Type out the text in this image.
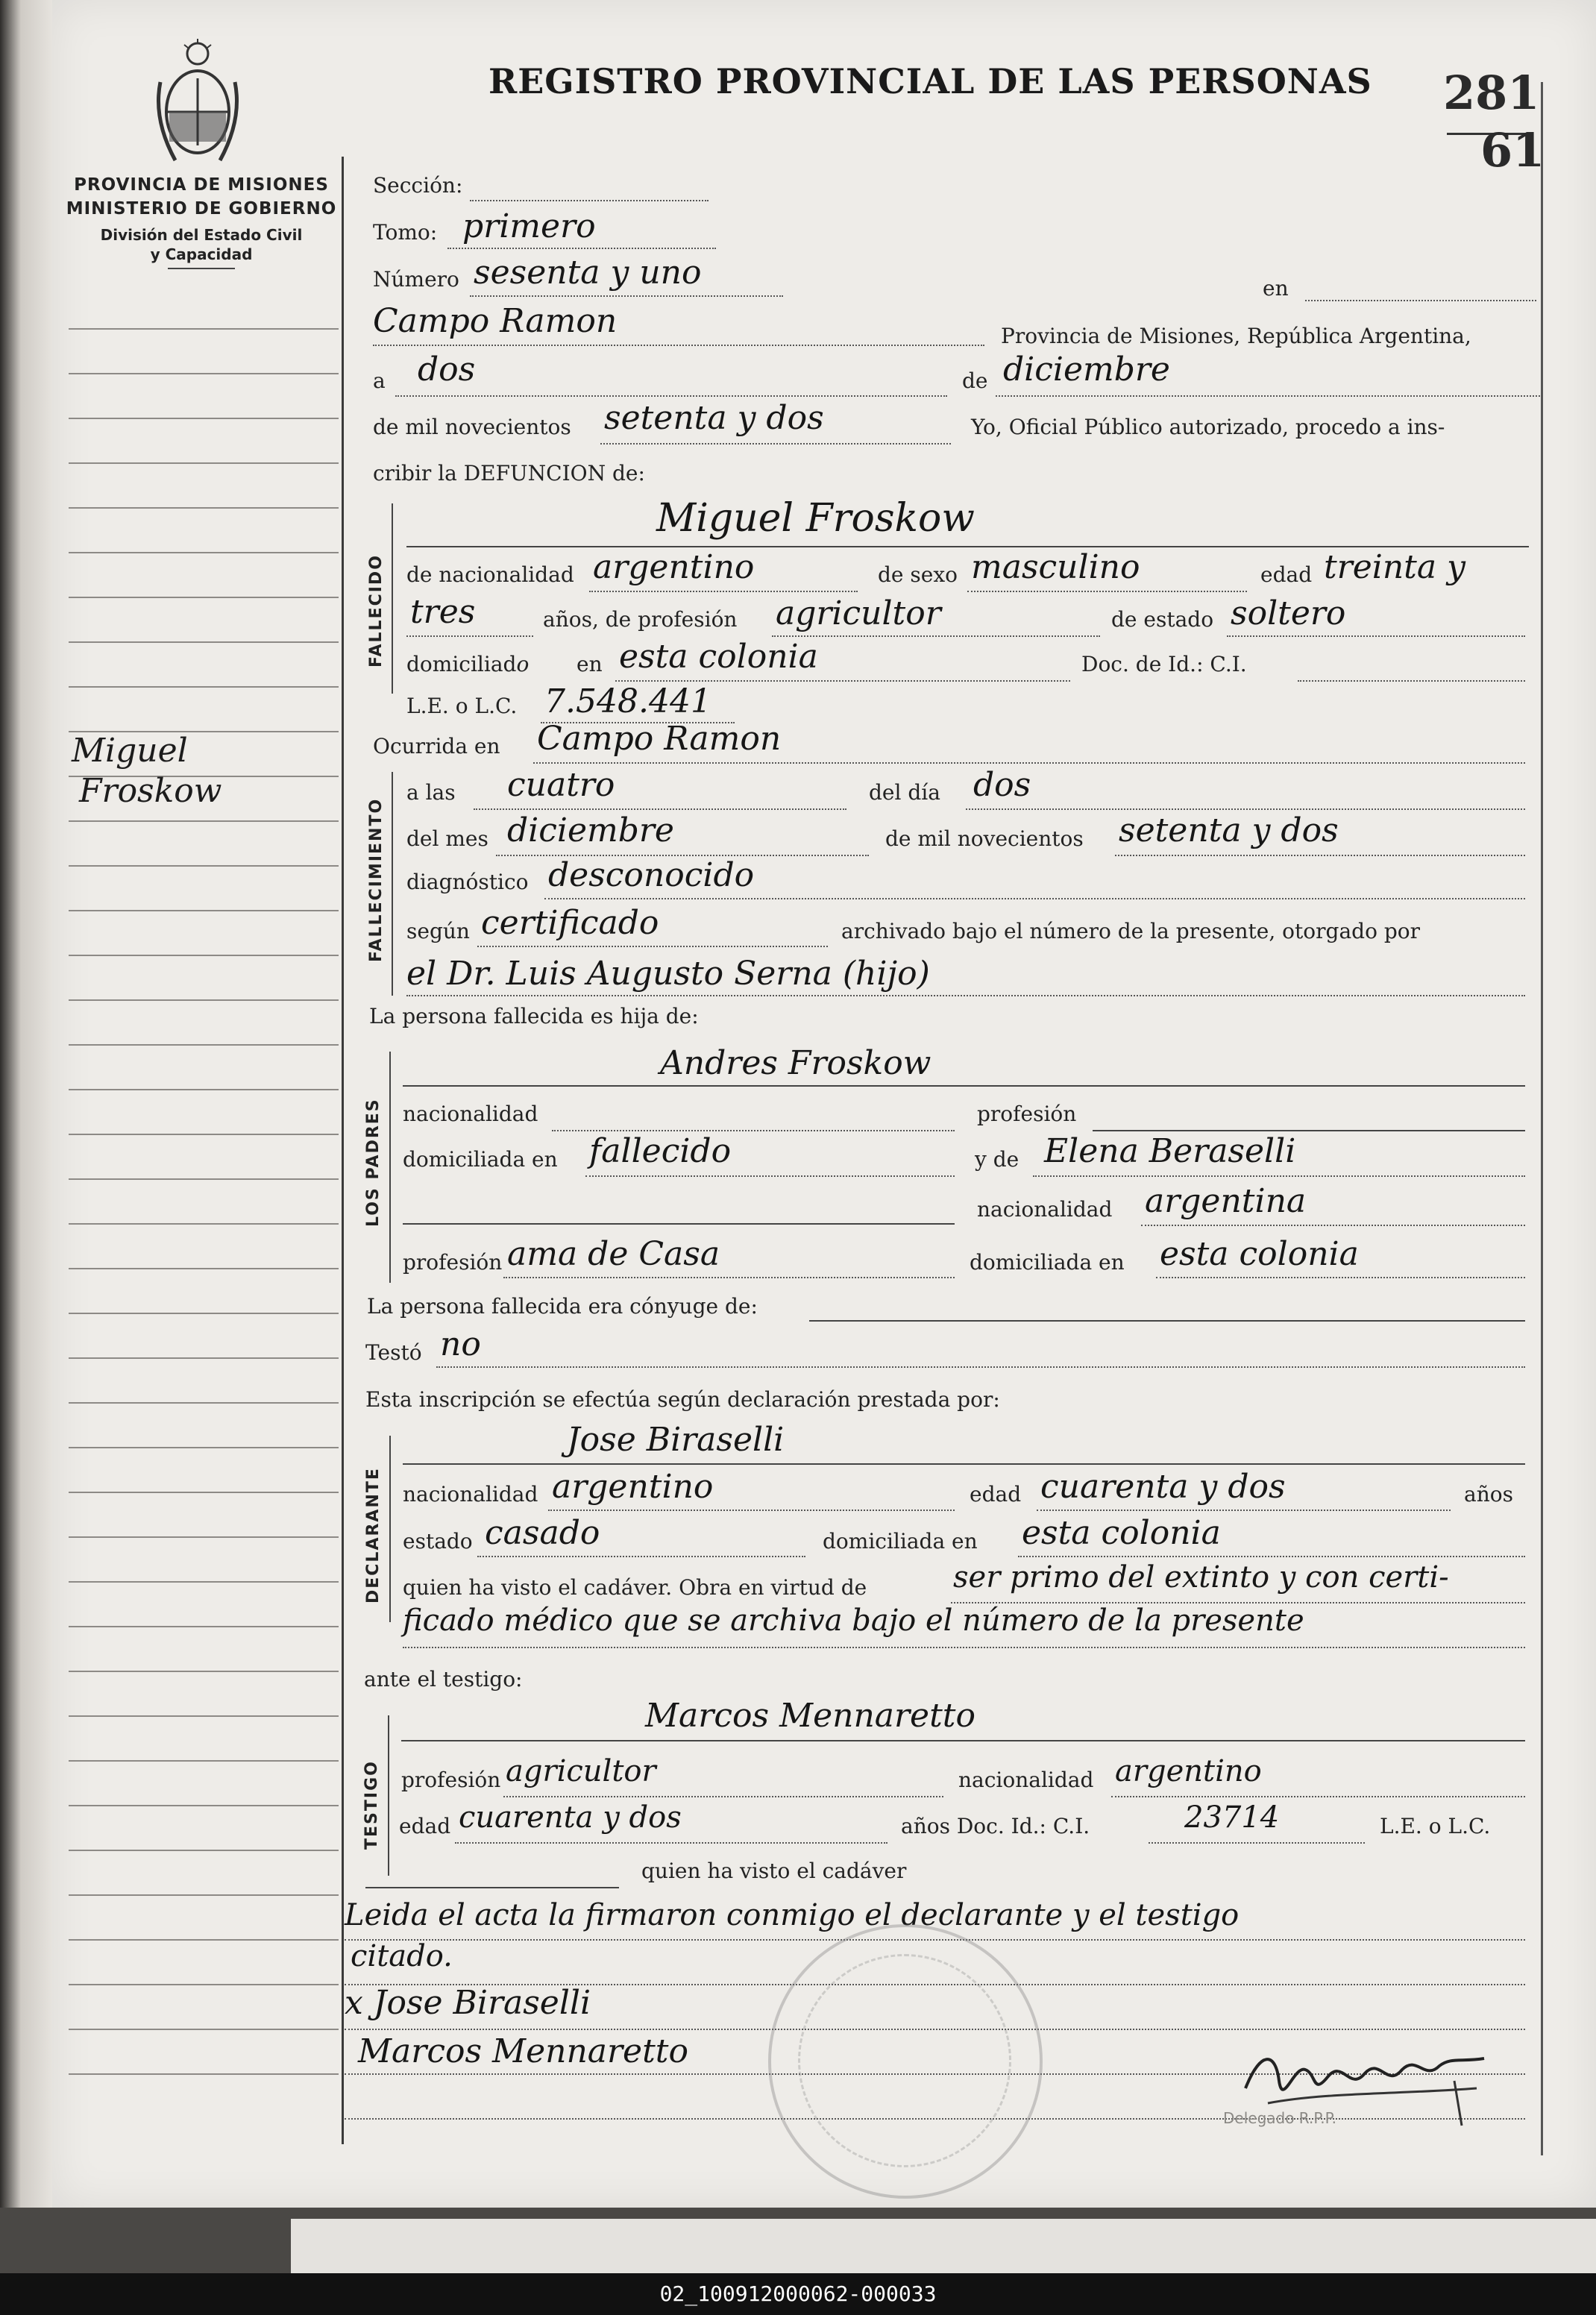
PROVINCIA DE MISIONES
MINISTERIO DE GOBIERNO
División del Estado Civil
y Capacidad
Miguel
Froskow
REGISTRO PROVINCIAL DE LAS PERSONAS 281
61
Sección:
Tomo: primero
Número sesenta y uno	en
Campo Ramon	Provincia de Misiones, República Argentina,
a dos	de diciembre
de mil novecientos setenta y dos	Yo, Oficial Público autorizado, procedo a ins-
cribir la DEFUNCION de:
FALLECIDO
Miguel Froskow
de nacionalidad argentino	de sexo masculino	edad treinta y
tres	años, de profesión agricultor	de estado soltero
domiciliado en esta colonia	Doc. de Id.: C.I.
L.E. o L.C. 7.548.441
Ocurrida en Campo Ramon
FALLECIMIENTO
a las cuatro	del día dos
del mes diciembre	de mil novecientos setenta y dos
diagnóstico desconocido
según certificado	archivado bajo el número de la presente, otorgado por
el Dr. Luis Augusto Serna (hijo)
La persona fallecida es hija de:
LOS PADRES
Andres Froskow
nacionalidad	profesión
domiciliada en fallecido	y de Elena Beraselli
nacionalidad argentina
profesión ama de Casa	domiciliada en esta colonia
La persona fallecida era cónyuge de:
Testó no
Esta inscripción se efectúa según declaración prestada por:
DECLARANTE
Jose Biraselli
nacionalidad argentino	edad cuarenta y dos	años
estado casado	domiciliada en esta colonia
quien ha visto el cadáver. Obra en virtud de	ser primo del extinto y con certi-
ficado médico que se archiva bajo el número de la presente
ante el testigo:
TESTIGO
Marcos Mennaretto
profesión agricultor	nacionalidad argentino
edad cuarenta y dos	años Doc. Id.: C.I.	23714	L.E. o L.C.
quien ha visto el cadáver
Leida el acta la firmaron conmigo el declarante y el testigo
citado.
x Jose Biraselli
Marcos Mennaretto
Delegado R.P.P.
02_100912000062-000033
